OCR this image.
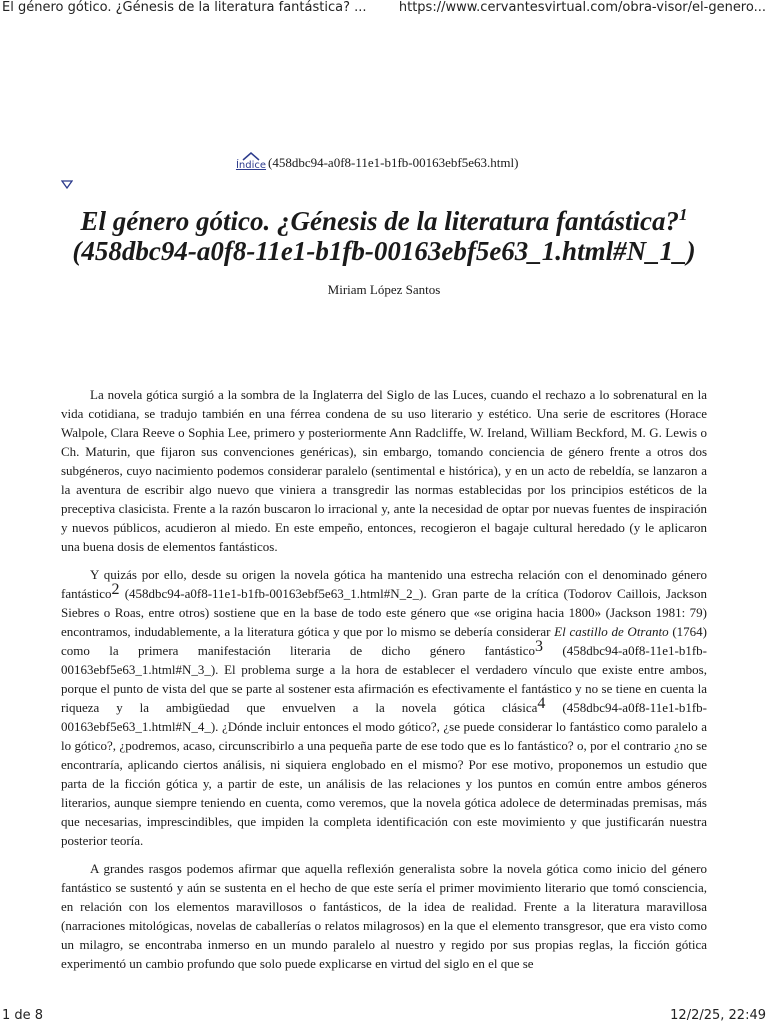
El género gótico. ¿Génesis de la literatura fantástica? ... https://www.cervantesvirtual.com/obra-visor/el-genero...
Índice (458dbc94-a0f8-11e1-b1fb-00163ebf5e63.html)
El género gótico. ¿Génesis de la literatura fantástica?$^1$
(458dbc94-a0f8-11e1-b1fb-00163ebf5e63_1.html#N_1_)
Miriam López Santos

La novela gótica surgió a la sombra de la Inglaterra del Siglo de las Luces, cuando el rechazo a lo sobrenatural en la vida cotidiana, se tradujo también en una férrea condena de su uso literario y estético. Una serie de escritores (Horace Walpole, Clara Reeve o Sophia Lee, primero y posteriormente Ann Radcliffe, W. Ireland, William Beckford, M. G. Lewis o Ch. Maturin, que fijaron sus convenciones genéricas), sin embargo, tomando conciencia de género frente a otros dos subgéneros, cuyo nacimiento podemos considerar paralelo (sentimental e histórica), y en un acto de rebeldía, se lanzaron a la aventura de escribir algo nuevo que viniera a transgredir las normas establecidas por los principios estéticos de la preceptiva clasicista. Frente a la razón buscaron lo irracional y, ante la necesidad de optar por nuevas fuentes de inspiración y nuevos públicos, acudieron al miedo. En este empeño, entonces, recogieron el bagaje cultural heredado (y le aplicaron una buena dosis de elementos fantásticos.

Y quizás por ello, desde su origen la novela gótica ha mantenido una estrecha relación con el denominado género fantástico2 (458dbc94-a0f8-11e1-b1fb-00163ebf5e63_1.html#N_2_). Gran parte de la crítica (Todorov Caillois, Jackson Siebres o Roas, entre otros) sostiene que en la base de todo este género que «se origina hacia 1800» (Jackson 1981: 79) encontramos, indudablemente, a la literatura gótica y que por lo mismo se debería considerar El castillo de Otranto (1764) como la primera manifestación literaria de dicho género fantástico3 (458dbc94-a0f8-11e1-b1fb-00163ebf5e63_1.html#N_3_). El problema surge a la hora de establecer el verdadero vínculo que existe entre ambos, porque el punto de vista del que se parte al sostener esta afirmación es efectivamente el fantástico y no se tiene en cuenta la riqueza y la ambigüedad que envuelven a la novela gótica clásica4 (458dbc94-a0f8-11e1-b1fb-00163ebf5e63_1.html#N_4_). ¿Dónde incluir entonces el modo gótico?, ¿se puede considerar lo fantástico como paralelo a lo gótico?, ¿podremos, acaso, circunscribirlo a una pequeña parte de ese todo que es lo fantástico? o, por el contrario ¿no se encontraría, aplicando ciertos análisis, ni siquiera englobado en el mismo? Por ese motivo, proponemos un estudio que parta de la ficción gótica y, a partir de este, un análisis de las relaciones y los puntos en común entre ambos géneros literarios, aunque siempre teniendo en cuenta, como veremos, que la novela gótica adolece de determinadas premisas, más que necesarias, imprescindibles, que impiden la completa identificación con este movimiento y que justificarán nuestra posterior teoría.

A grandes rasgos podemos afirmar que aquella reflexión generalista sobre la novela gótica como inicio del género fantástico se sustentó y aún se sustenta en el hecho de que este sería el primer movimiento literario que tomó consciencia, en relación con los elementos maravillosos o fantásticos, de la idea de realidad. Frente a la literatura maravillosa (narraciones mitológicas, novelas de caballerías o relatos milagrosos) en la que el elemento transgresor, que era visto como un milagro, se encontraba inmerso en un mundo paralelo al nuestro y regido por sus propias reglas, la ficción gótica experimentó un cambio profundo que solo puede explicarse en virtud del siglo en el que se

1 de 8	12/2/25, 22:49
